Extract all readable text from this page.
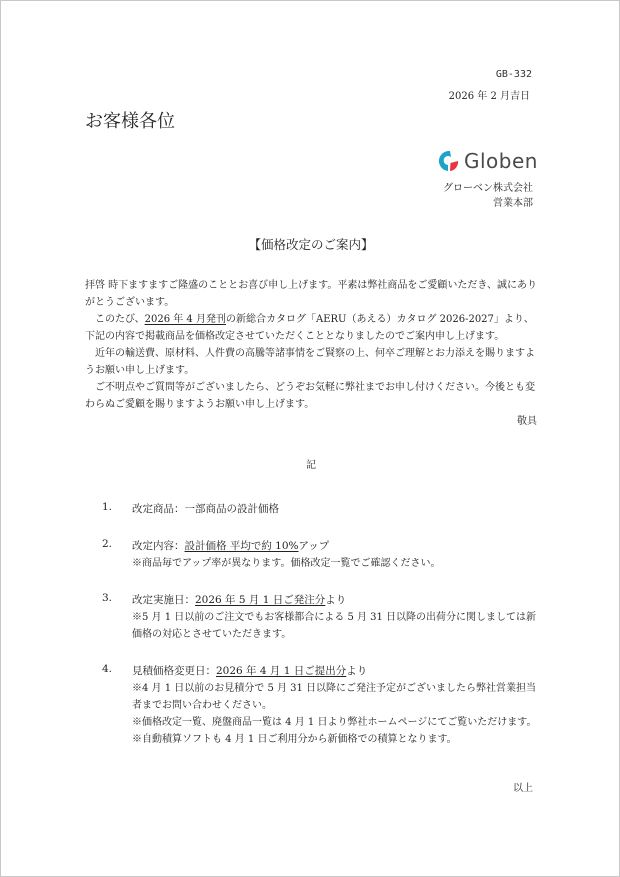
GB-332
2026 年 2 月吉日
お客様各位
Globen
グローベン株式会社
営業本部
【価格改定のご案内】

拝啓 時下ますますご隆盛のこととお喜び申し上げます。平素は弊社商品をご愛顧いただき、誠にありがとうございます。

このたび、2026 年 4 月発刊の新総合カタログ「AERU（あえる）カタログ 2026-2027」より、下記の内容で掲載商品を価格改定させていただくこととなりましたのでご案内申し上げます。

近年の輸送費、原材料、人件費の高騰等諸事情をご賢察の上、何卒ご理解とお力添えを賜りますようお願い申し上げます。

ご不明点やご質問等がございましたら、どうぞお気軽に弊社までお申し付けください。今後とも変わらぬご愛顧を賜りますようお願い申し上げます。

敬具

記
1.	改定商品：一部商品の設計価格
2.	改定内容：設計価格 平均で約 10%アップ
※商品毎でアップ率が異なります。価格改定一覧でご確認ください。
3.	改定実施日：2026 年 5 月 1 日ご発注分より
※5 月 1 日以前のご注文でもお客様都合による 5 月 31 日以降の出荷分に関しましては新価格の対応とさせていただきます。
4.	見積価格変更日：2026 年 4 月 1 日ご提出分より
※4 月 1 日以前のお見積分で 5 月 31 日以降にご発注予定がございましたら弊社営業担当者までお問い合わせください。
※価格改定一覧、廃盤商品一覧は 4 月 1 日より弊社ホームページにてご覧いただけます。
※自動積算ソフトも 4 月 1 日ご利用分から新価格での積算となります。
以上
